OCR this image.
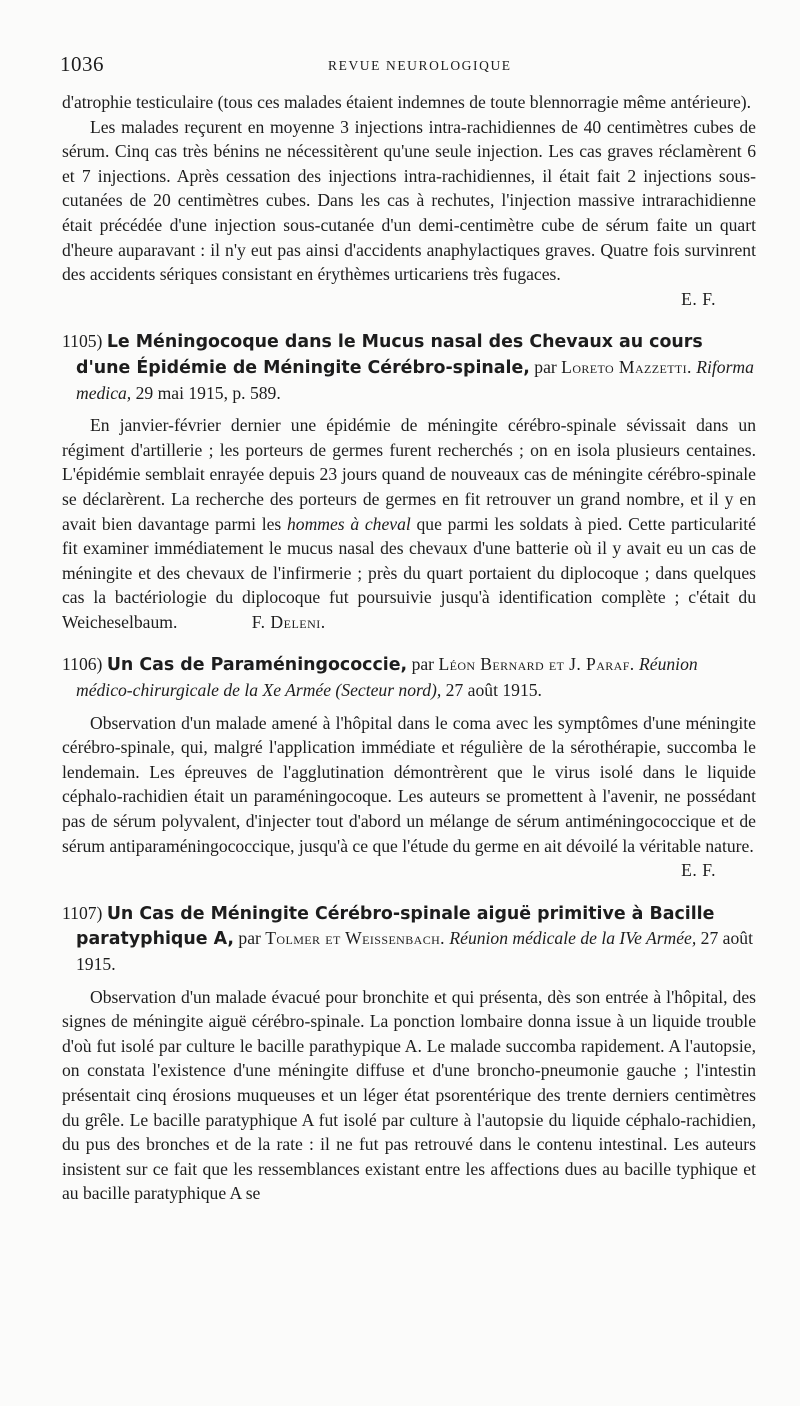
1036	REVUE NEUROLOGIQUE

d'atrophie testiculaire (tous ces malades étaient indemnes de toute blennorragie même antérieure).

Les malades reçurent en moyenne 3 injections intra-rachidiennes de 40 centimètres cubes de sérum. Cinq cas très bénins ne nécessitèrent qu'une seule injection. Les cas graves réclamèrent 6 et 7 injections. Après cessation des injections intra-rachidiennes, il était fait 2 injections sous-cutanées de 20 centimètres cubes. Dans les cas à rechutes, l'injection massive intrarachidienne était précédée d'une injection sous-cutanée d'un demi-centimètre cube de sérum faite un quart d'heure auparavant : il n'y eut pas ainsi d'accidents anaphylactiques graves. Quatre fois survinrent des accidents sériques consistant en érythèmes urticariens très fugaces.

E. F.

1105) Le Méningocoque dans le Mucus nasal des Chevaux au cours d'une Épidémie de Méningite Cérébro-spinale, par Loreto Mazzetti. Riforma medica, 29 mai 1915, p. 589.

En janvier-février dernier une épidémie de méningite cérébro-spinale sévissait dans un régiment d'artillerie ; les porteurs de germes furent recherchés ; on en isola plusieurs centaines. L'épidémie semblait enrayée depuis 23 jours quand de nouveaux cas de méningite cérébro-spinale se déclarèrent. La recherche des porteurs de germes en fit retrouver un grand nombre, et il y en avait bien davantage parmi les hommes à cheval que parmi les soldats à pied. Cette particularité fit examiner immédiatement le mucus nasal des chevaux d'une batterie où il y avait eu un cas de méningite et des chevaux de l'infirmerie ; près du quart portaient du diplocoque ; dans quelques cas la bactériologie du diplocoque fut poursuivie jusqu'à identification complète ; c'était du Weicheselbaum.	F. Deleni.

1106) Un Cas de Paraméningococcie, par Léon Bernard et J. Paraf. Réunion médico-chirurgicale de la Xe Armée (Secteur nord), 27 août 1915.

Observation d'un malade amené à l'hôpital dans le coma avec les symptômes d'une méningite cérébro-spinale, qui, malgré l'application immédiate et régulière de la sérothérapie, succomba le lendemain. Les épreuves de l'agglutination démontrèrent que le virus isolé dans le liquide céphalo-rachidien était un paraméningocoque. Les auteurs se promettent à l'avenir, ne possédant pas de sérum polyvalent, d'injecter tout d'abord un mélange de sérum antiméningococcique et de sérum antiparaméningococcique, jusqu'à ce que l'étude du germe en ait dévoilé la véritable nature.

E. F.

1107) Un Cas de Méningite Cérébro-spinale aiguë primitive à Bacille paratyphique A, par Tolmer et Weissenbach. Réunion médicale de la IVe Armée, 27 août 1915.

Observation d'un malade évacué pour bronchite et qui présenta, dès son entrée à l'hôpital, des signes de méningite aiguë cérébro-spinale. La ponction lombaire donna issue à un liquide trouble d'où fut isolé par culture le bacille parathypique A. Le malade succomba rapidement. A l'autopsie, on constata l'existence d'une méningite diffuse et d'une broncho-pneumonie gauche ; l'intestin présentait cinq érosions muqueuses et un léger état psorentérique des trente derniers centimètres du grêle. Le bacille paratyphique A fut isolé par culture à l'autopsie du liquide céphalo-rachidien, du pus des bronches et de la rate : il ne fut pas retrouvé dans le contenu intestinal. Les auteurs insistent sur ce fait que les ressemblances existant entre les affections dues au bacille typhique et au bacille paratyphique A se
